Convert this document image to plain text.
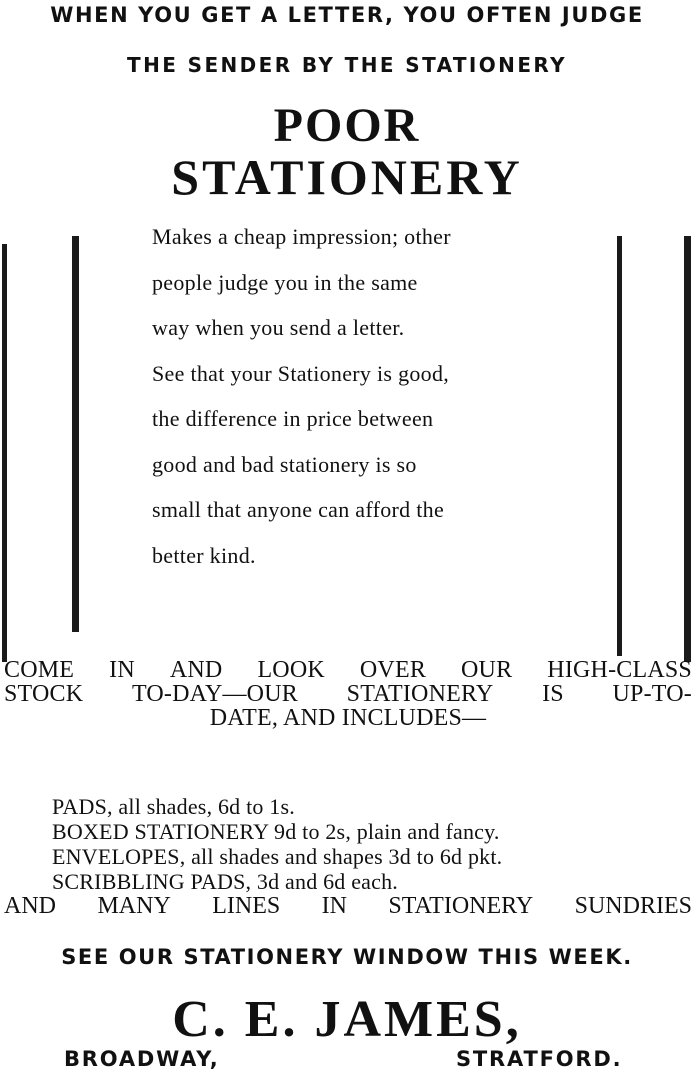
WHEN YOU GET A LETTER, YOU OFTEN JUDGE
THE SENDER BY THE STATIONERY
POOR
STATIONERY
Makes a cheap impression; other
people judge you in the same
way when you send a letter.
See that your Stationery is good,
the difference in price between
good and bad stationery is so
small that anyone can afford the
better kind.
COME IN AND LOOK OVER OUR HIGH-CLASS
STOCK TO-DAY—OUR STATIONERY IS UP-TO-
DATE, AND INCLUDES—
PADS, all shades, 6d to 1s.
BOXED STATIONERY 9d to 2s, plain and fancy.
ENVELOPES, all shades and shapes 3d to 6d pkt.
SCRIBBLING PADS, 3d and 6d each.
AND MANY LINES IN STATIONERY SUNDRIES
SEE OUR STATIONERY WINDOW THIS WEEK.
C. E. JAMES,
BROADWAY,	STRATFORD.
